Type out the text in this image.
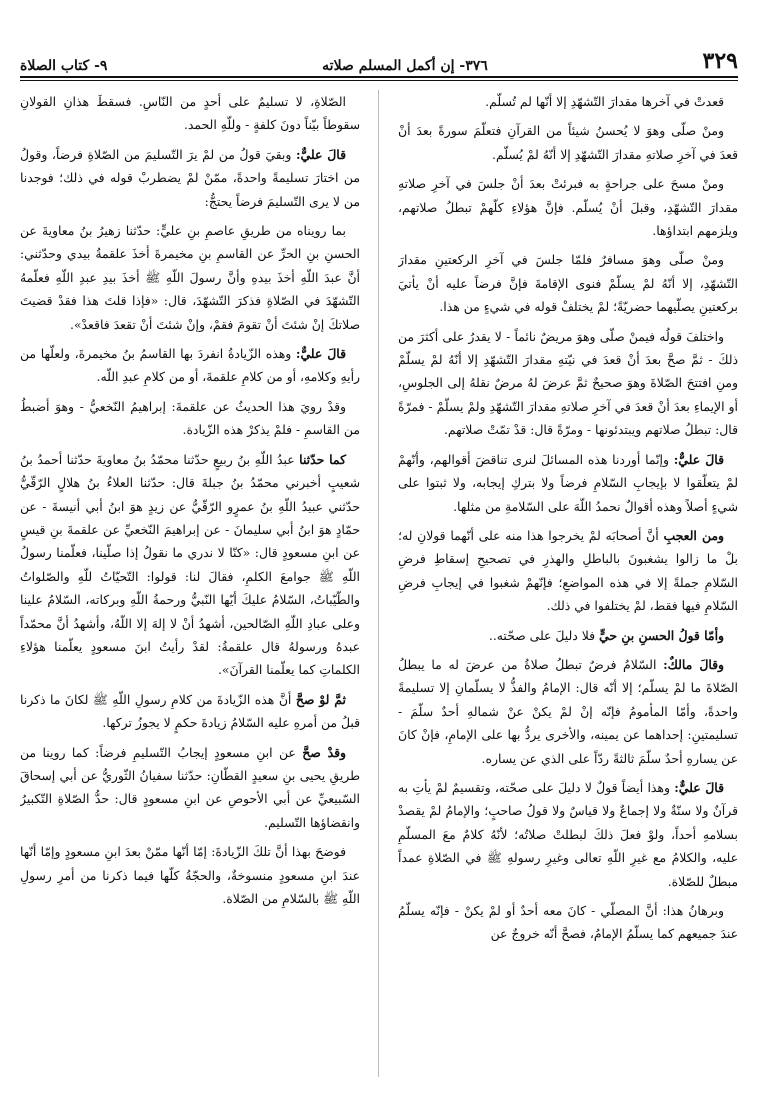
٣٢٩
٣٧٦- إن أكمل المسلم صلاته
٩- كتاب الصلاة

قعدتْ في آخرها مقدارَ التّشهّدِ إلا أنّها لم تُسلّم.

ومنْ صلّى وهوَ لا يُحسنُ شيئاً من القرآنِ فتعلّمَ سورةً بعدَ أنْ قعدَ في آخرِ صلاتهِ مقدارَ التّشهّدِ إلا أنّهُ لمْ يُسلّم.

ومنْ مسحَ على جراحةٍ به فبرئتْ بعدَ أنْ جلسَ في آخرِ صلاتهِ مقدارَ التّشهّدِ، وقبلَ أنْ يُسلّم. فإنَّ هؤلاءِ كلّهمْ تبطلُ صلاتهم، ويلزمهم ابتداؤها.

ومنْ صلّى وهوَ مسافرٌ فلمّا جلسَ في آخرِ الركعتينِ مقدارَ التّشهّدِ، إلا أنّهُ لمْ يسلّمْ فنوى الإقامةَ فإنَّ فرضاً عليه أنْ يأتيَ بركعتينِ يصلّيهما حضريّةً؛ لمْ يختلفْ قوله في شيءٍ من هذا.

واختلفَ قولُه فيمنْ صلّى وهوَ مريضٌ نائماً - لا يقدرُ على أكثرَ من ذلكَ - ثمَّ صحَّ بعدَ أنْ قعدَ في نيّتهِ مقدارَ التّشهّدِ إلا أنّهُ لمْ يسلّمْ ومنِ افتتحَ الصّلاةَ وهوَ صحيحٌ ثمَّ عرضَ لهُ مرضٌ نقلهُ إلى الجلوسِ، أو الإيماءِ بعدَ أنْ قعدَ في آخرِ صلاتهِ مقدارَ التّشهّدِ ولمْ يسلّمْ - فمرّةً قال: تبطلُ صلاتهم ويبتدئونها - ومرّةً قال: قدْ تمّتْ صلاتهم.

قالَ عليٌّ: وإنّما أوردنا هذه المسائلَ لنرى تناقضَ أقوالهم، وأنّهمْ لمْ يتعلّقوا لا بإيجابِ السّلامِ فرضاً ولا بتركِ إيجابه، ولا ثبتوا على شيءٍ أصلاً وهذه أقوالٌ نحمدُ اللّهَ على السّلامةِ من مثلها.

ومن العجبِ أنَّ أصحابَه لمْ يخرجوا هذا منه على أنّهما قولانِ له؛ بلْ ما زالوا يشغبونَ بالباطلِ والهذرِ في تصحيحِ إسقاطِ فرضِ السّلامِ جملةً إلا في هذه المواضعِ؛ فإنّهمْ شغبوا في إيجابِ فرضِ السّلامِ فيها فقط، لمْ يختلفوا في ذلك.

وأمّا قولُ الحسنِ بنِ حيٍّ فلا دليلَ على صحّته..

وقالَ مالكٌ: السّلامُ فرضٌ تبطلُ صلاةُ من عرضَ له ما يبطلُ الصّلاةَ ما لمْ يسلّم؛ إلا أنّه قال: الإمامُ والفذُّ لا يسلّمانِ إلا تسليمةً واحدةً، وأمّا المأمومُ فإنّه إنْ لمْ يكنْ عنْ شمالهِ أحدٌ سلّمَ - تسليمتينِ: إحداهما عن يمينه، والأخرى يردُّ بها على الإمامِ، فإنْ كانَ عن يسارهِ أحدٌ سلّمَ ثالثةً ردّاً على الذي عن يساره.

قالَ عليٌّ: وهذا أيضاً قولٌ لا دليلَ على صحّته، وتقسيمٌ لمْ يأتِ به قرآنٌ ولا سنّةٌ ولا إجماعٌ ولا قياسٌ ولا قولُ صاحبٍ؛ والإمامُ لمْ يقصدْ بسلامهِ أحداً، ولوْ فعلَ ذلكَ لبطلتْ صلاتُه؛ لأنّهُ كلامٌ معَ المسلّمِ عليه، والكلامُ مع غيرِ اللّهِ تعالى وغيرِ رسولهِ ﷺ في الصّلاةِ عمداً مبطلٌ للصّلاة.

وبرهانُ هذا: أنَّ المصلّي - كانَ معه أحدٌ أو لمْ يكنْ - فإنّه يسلّمُ عندَ جميعهم كما يسلّمُ الإمامُ، فصحَّ أنّه خروجٌ عن

الصّلاةِ، لا تسليمٌ على أحدٍ من النّاسِ. فسقطَ هذانِ القولانِ سقوطاً بيّناً دونَ كلفةٍ - وللّهِ الحمد.

قالَ عليٌّ: وبقيَ قولُ من لمْ يرَ التّسليمَ من الصّلاةِ فرضاً، وقولُ من اختارَ تسليمةً واحدةً، ممّنْ لمْ يضطربْ قوله في ذلك؛ فوجدنا من لا يرى التّسليمَ فرضاً يحتجُّ:

بما رويناه من طريقِ عاصمِ بنِ عليٍّ: حدّثنا زهيرُ بنُ معاويةَ عن الحسنِ بنِ الحرِّ عن القاسمِ بنِ مخيمرةَ أخذَ علقمةُ بيدي وحدّثني: أنَّ عبدَ اللّهِ أخذَ بيدهِ وأنَّ رسولَ اللّهِ ﷺ أخذَ بيدِ عبدِ اللّهِ فعلّمهُ التّشهّدَ في الصّلاةِ فذكرَ التّشهّدَ، قال: «فإذا قلتَ هذا فقدْ قضيتَ صلاتكَ إنْ شئتَ أنْ تقومَ فقمْ، وإنْ شئتَ أنْ تقعدَ فاقعدْ».

قالَ عليٌّ: وهذه الزّيادةُ انفردَ بها القاسمُ بنُ مخيمرةَ، ولعلّها من رأيهِ وكلامهِ، أو من كلامِ علقمةَ، أو من كلامِ عبدِ اللّه.

وقدْ رويَ هذا الحديثُ عن علقمةَ: إبراهيمُ النّخعيُّ - وهوَ أضبطُ من القاسمِ - فلمْ يذكرْ هذه الزّيادة.

كما حدّثنا عبدُ اللّهِ بنُ ربيعٍ حدّثنا محمّدُ بنُ معاويةَ حدّثنا أحمدُ بنُ شعيبٍ أخبرني محمّدُ بنُ جبلةَ قال: حدّثنا العلاءُ بنُ هلالٍ الرّقّيُّ حدّثني عبيدُ اللّهِ بنُ عمرٍو الرّقّيُّ عن زيدٍ هوَ ابنُ أبي أنيسةَ - عن حمّادٍ هوَ ابنُ أبي سليمانَ - عن إبراهيمَ النّخعيِّ عن علقمةَ بنِ قيسٍ عن ابنِ مسعودٍ قال: «كنّا لا ندري ما نقولُ إذا صلّينا، فعلّمنا رسولُ اللّهِ ﷺ جوامعَ الكلمِ، فقالَ لنا: قولوا: التّحيّاتُ للّهِ والصّلواتُ والطّيّباتُ، السّلامُ عليكَ أيّها النّبيُّ ورحمةُ اللّهِ وبركاته، السّلامُ علينا وعلى عبادِ اللّهِ الصّالحين، أشهدُ أنْ لا إلهَ إلا اللّهُ، وأشهدُ أنَّ محمّداً عبدهُ ورسولهُ قال علقمةُ: لقدْ رأيتُ ابنَ مسعودٍ يعلّمنا هؤلاءِ الكلماتِ كما يعلّمنا القرآنَ».

ثمَّ لوْ صحَّ أنَّ هذه الزّيادةَ من كلامِ رسولِ اللّهِ ﷺ لكانَ ما ذكرنا قبلُ من أمرهِ عليه السّلامُ زيادةَ حكمٍ لا يجوزُ تركها.

وقدْ صحَّ عن ابنِ مسعودٍ إيجابُ التّسليمِ فرضاً: كما روينا من طريقِ يحيى بنِ سعيدٍ القطّانِ: حدّثنا سفيانُ الثّوريُّ عن أبي إسحاقَ السّبيعيِّ عن أبي الأحوصِ عن ابنِ مسعودٍ قال: حدُّ الصّلاةِ التّكبيرُ وانقضاؤها التّسليم.

فوضحَ بهذا أنَّ تلكَ الزّيادةَ: إمّا أنّها ممّنْ بعدَ ابنِ مسعودٍ وإمّا أنّها عندَ ابنِ مسعودٍ منسوخةٌ، والحجّةُ كلّها فيما ذكرنا من أمرِ رسولِ اللّهِ ﷺ بالسّلامِ من الصّلاة.
